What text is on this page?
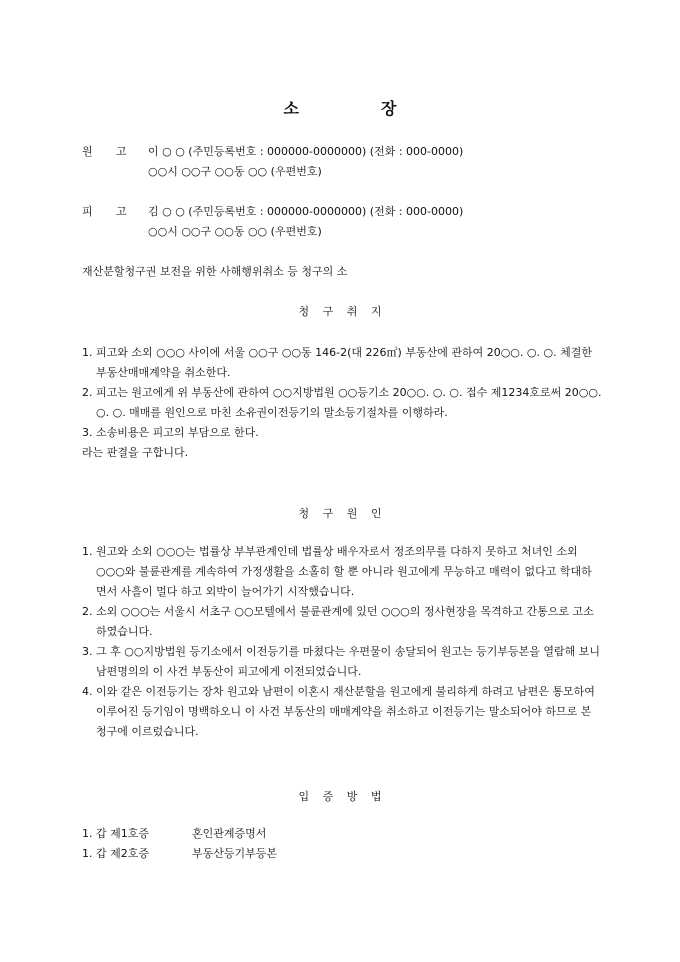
소	장
원 고 이 ○ ○ (주민등록번호 : 000000-0000000) (전화 : 000-0000)
○○시 ○○구 ○○동 ○○ (우편번호)
피 고 김 ○ ○ (주민등록번호 : 000000-0000000) (전화 : 000-0000)
○○시 ○○구 ○○동 ○○ (우편번호)
재산분할청구권 보전을 위한 사해행위취소 등 청구의 소
청 구 취 지
1. 피고와 소외 ○○○ 사이에 서울 ○○구 ○○동 146-2(대 226㎡) 부동산에 관하여 20○○. ○. ○. 체결한 부동산매매계약을 취소한다.
2. 피고는 원고에게 위 부동산에 관하여 ○○지방법원 ○○등기소 20○○. ○. ○. 접수 제1234호로써 20○○. ○. ○. 매매를 원인으로 마친 소유권이전등기의 말소등기절차를 이행하라.
3. 소송비용은 피고의 부담으로 한다.
라는 판결을 구합니다.
청 구 원 인
1. 원고와 소외 ○○○는 법률상 부부관계인데 법률상 배우자로서 정조의무를 다하지 못하고 처녀인 소외 ○○○와 불륜관계를 계속하여 가정생활을 소홀히 할 뿐 아니라 원고에게 무능하고 매력이 없다고 학대하면서 사흘이 멀다 하고 외박이 늘어가기 시작했습니다.
2. 소외 ○○○는 서울시 서초구 ○○모텔에서 불륜관계에 있던 ○○○의 정사현장을 목격하고 간통으로 고소하였습니다.
3. 그 후 ○○지방법원 등기소에서 이전등기를 마쳤다는 우편물이 송달되어 원고는 등기부등본을 열람해 보니 남편명의의 이 사건 부동산이 피고에게 이전되었습니다.
4. 이와 같은 이전등기는 장차 원고와 남편이 이혼시 재산분할을 원고에게 불리하게 하려고 남편은 통모하여 이루어진 등기임이 명백하오니 이 사건 부동산의 매매계약을 취소하고 이전등기는 말소되어야 하므로 본 청구에 이르렀습니다.
입 증 방 법
1. 갑 제1호증	혼인관계증명서
1. 갑 제2호증	부동산등기부등본
